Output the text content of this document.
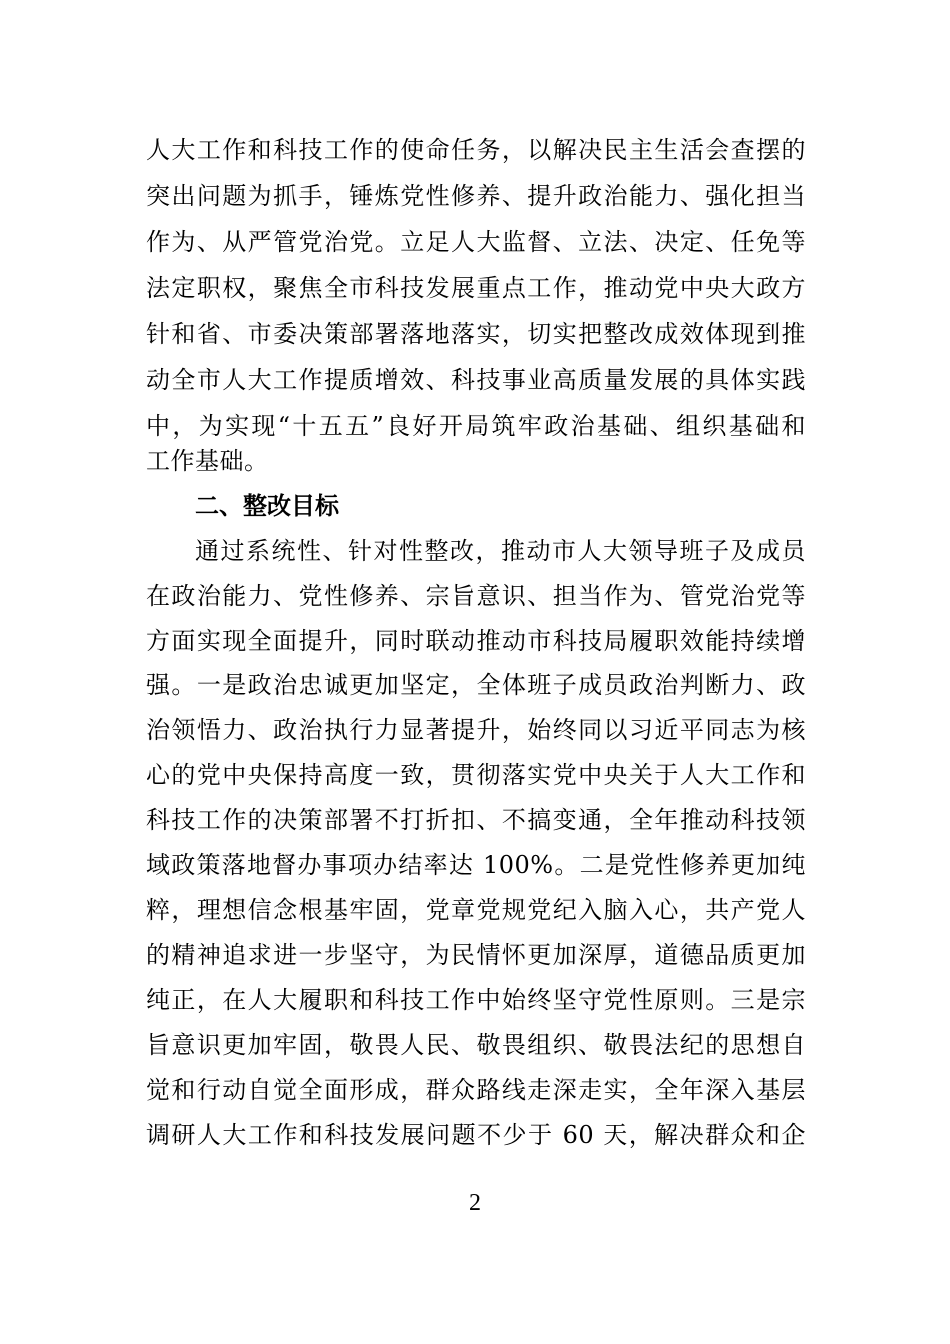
人大工作和科技工作的使命任务，以解决民主生活会查摆的
突出问题为抓手，锤炼党性修养、提升政治能力、强化担当
作为、从严管党治党。立足人大监督、立法、决定、任免等
法定职权，聚焦全市科技发展重点工作，推动党中央大政方
针和省、市委决策部署落地落实，切实把整改成效体现到推
动全市人大工作提质增效、科技事业高质量发展的具体实践
中，为实现“十五五”良好开局筑牢政治基础、组织基础和
工作基础。
二、整改目标
通过系统性、针对性整改，推动市人大领导班子及成员
在政治能力、党性修养、宗旨意识、担当作为、管党治党等
方面实现全面提升，同时联动推动市科技局履职效能持续增
强。一是政治忠诚更加坚定，全体班子成员政治判断力、政
治领悟力、政治执行力显著提升，始终同以习近平同志为核
心的党中央保持高度一致，贯彻落实党中央关于人大工作和
科技工作的决策部署不打折扣、不搞变通，全年推动科技领
域政策落地督办事项办结率达 100%。二是党性修养更加纯
粹，理想信念根基牢固，党章党规党纪入脑入心，共产党人
的精神追求进一步坚守，为民情怀更加深厚，道德品质更加
纯正，在人大履职和科技工作中始终坚守党性原则。三是宗
旨意识更加牢固，敬畏人民、敬畏组织、敬畏法纪的思想自
觉和行动自觉全面形成，群众路线走深走实，全年深入基层
调研人大工作和科技发展问题不少于 60 天，解决群众和企
2
